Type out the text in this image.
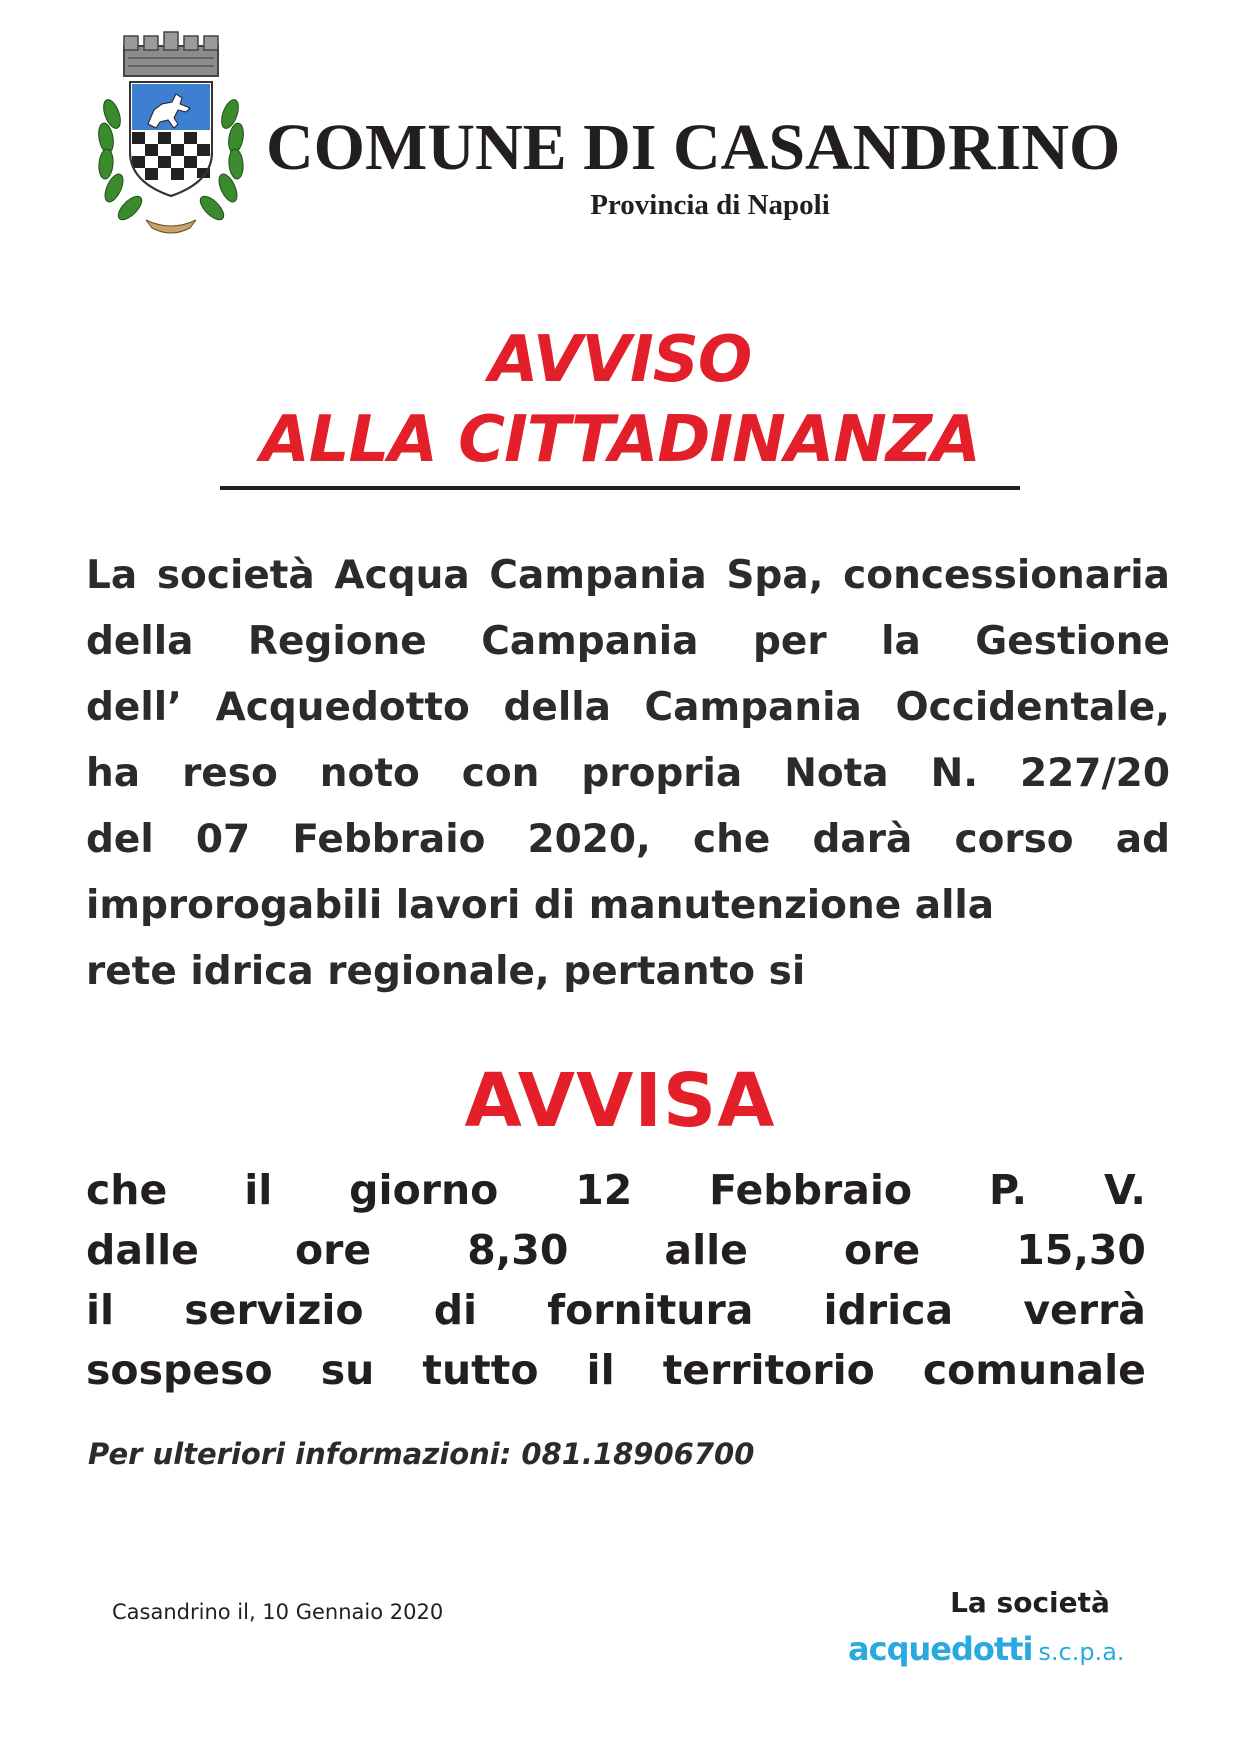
COMUNE DI CASANDRINO
Provincia di Napoli
AVVISO
ALLA CITTADINANZA
La società Acqua Campania Spa, concessionaria
della Regione Campania per la Gestione
dell’ Acquedotto della Campania Occidentale,
ha reso noto con propria Nota N. 227/20
del 07 Febbraio 2020, che darà corso ad
improrogabili lavori di manutenzione alla
rete idrica regionale, pertanto si
AVVISA
che il giorno 12 Febbraio P. V.
dalle ore 8,30 alle ore 15,30
il servizio di fornitura idrica verrà
sospeso su tutto il territorio comunale
Per ulteriori informazioni: 081.18906700
Casandrino il, 10 Gennaio 2020	La società
acquedotti s.c.p.a.
